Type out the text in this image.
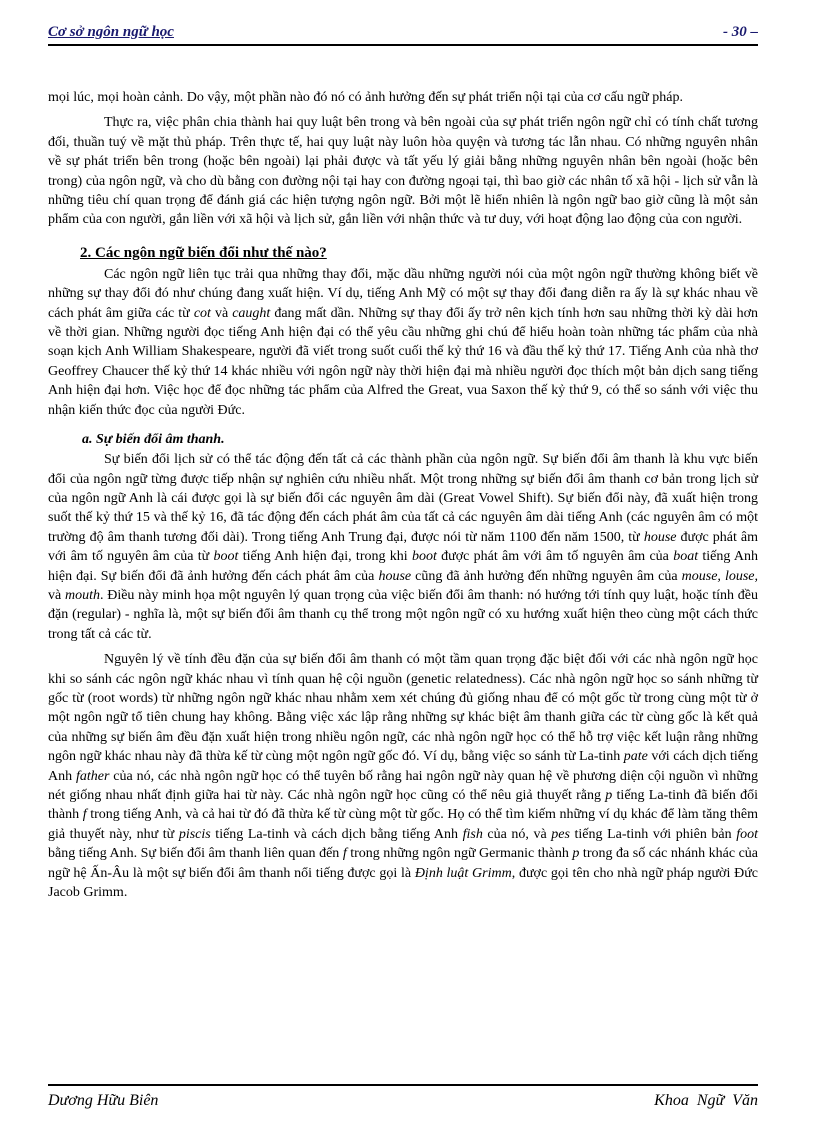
Cơ sở ngôn ngữ học	- 30 –

mọi lúc, mọi hoàn cảnh. Do vậy, một phần nào đó nó có ảnh hưởng đến sự phát triển nội tại của cơ cấu ngữ pháp.

Thực ra, việc phân chia thành hai quy luật bên trong và bên ngoài của sự phát triển ngôn ngữ chỉ có tính chất tương đối, thuần tuý về mặt thủ pháp. Trên thực tế, hai quy luật này luôn hòa quyện và tương tác lẫn nhau. Có những nguyên nhân về sự phát triển bên trong (hoặc bên ngoài) lại phải được và tất yếu lý giải bằng những nguyên nhân bên ngoài (hoặc bên trong) của ngôn ngữ, và cho dù bằng con đường nội tại hay con đường ngoại tại, thì bao giờ các nhân tố xã hội - lịch sử vẫn là những tiêu chí quan trọng để đánh giá các hiện tượng ngôn ngữ. Bởi một lẽ hiển nhiên là ngôn ngữ bao giờ cũng là một sản phẩm của con người, gắn liền với xã hội và lịch sử, gắn liền với nhận thức và tư duy, với hoạt động lao động của con người.

2. Các ngôn ngữ biến đổi như thế nào?

Các ngôn ngữ liên tục trải qua những thay đổi, mặc dầu những người nói của một ngôn ngữ thường không biết về những sự thay đổi đó như chúng đang xuất hiện. Ví dụ, tiếng Anh Mỹ có một sự thay đổi đang diễn ra ấy là sự khác nhau về cách phát âm giữa các từ cot và caught đang mất dần. Những sự thay đổi ấy trở nên kịch tính hơn sau những thời kỳ dài hơn về thời gian. Những người đọc tiếng Anh hiện đại có thể yêu cầu những ghi chú để hiểu hoàn toàn những tác phẩm của nhà soạn kịch Anh William Shakespeare, người đã viết trong suốt cuối thế kỷ thứ 16 và đầu thế kỷ thứ 17. Tiếng Anh của nhà thơ Geoffrey Chaucer thế kỷ thứ 14 khác nhiều với ngôn ngữ này thời hiện đại mà nhiều người đọc thích một bản dịch sang tiếng Anh hiện đại hơn. Việc học để đọc những tác phẩm của Alfred the Great, vua Saxon thế kỷ thứ 9, có thể so sánh với việc thu nhận kiến thức đọc của người Đức.

a. Sự biến đổi âm thanh.

Sự biến đổi lịch sử có thể tác động đến tất cả các thành phần của ngôn ngữ. Sự biến đổi âm thanh là khu vực biến đổi của ngôn ngữ từng được tiếp nhận sự nghiên cứu nhiều nhất. Một trong những sự biến đổi âm thanh cơ bản trong lịch sử của ngôn ngữ Anh là cái được gọi là sự biến đổi các nguyên âm dài (Great Vowel Shift). Sự biến đổi này, đã xuất hiện trong suốt thế kỷ thứ 15 và thế kỷ 16, đã tác động đến cách phát âm của tất cả các nguyên âm dài tiếng Anh (các nguyên âm có một trường độ âm thanh tương đối dài). Trong tiếng Anh Trung đại, được nói từ năm 1100 đến năm 1500, từ house được phát âm với âm tố nguyên âm của từ boot tiếng Anh hiện đại, trong khi boot được phát âm với âm tố nguyên âm của boat tiếng Anh hiện đại. Sự biến đổi đã ảnh hưởng đến cách phát âm của house cũng đã ảnh hưởng đến những nguyên âm của mouse, louse, và mouth. Điều này minh họa một nguyên lý quan trọng của việc biến đổi âm thanh: nó hướng tới tính quy luật, hoặc tính đều đặn (regular) - nghĩa là, một sự biến đổi âm thanh cụ thể trong một ngôn ngữ có xu hướng xuất hiện theo cùng một cách thức trong tất cả các từ.

Nguyên lý về tính đều đặn của sự biến đổi âm thanh có một tầm quan trọng đặc biệt đối với các nhà ngôn ngữ học khi so sánh các ngôn ngữ khác nhau vì tính quan hệ cội nguồn (genetic relatedness). Các nhà ngôn ngữ học so sánh những từ gốc từ (root words) từ những ngôn ngữ khác nhau nhằm xem xét chúng đủ giống nhau để có một gốc từ trong cùng một từ ở một ngôn ngữ tổ tiên chung hay không. Bằng việc xác lập rằng những sự khác biệt âm thanh giữa các từ cùng gốc là kết quả của những sự biến âm đều đặn xuất hiện trong nhiều ngôn ngữ, các nhà ngôn ngữ học có thể hỗ trợ việc kết luận rằng những ngôn ngữ khác nhau này đã thừa kế từ cùng một ngôn ngữ gốc đó. Ví dụ, bằng việc so sánh từ La-tinh pate với cách dịch tiếng Anh father của nó, các nhà ngôn ngữ học có thể tuyên bố rằng hai ngôn ngữ này quan hệ về phương diện cội nguồn vì những nét giống nhau nhất định giữa hai từ này. Các nhà ngôn ngữ học cũng có thể nêu giả thuyết rằng p tiếng La-tinh đã biến đổi thành f trong tiếng Anh, và cả hai từ đó đã thừa kế từ cùng một từ gốc. Họ có thể tìm kiếm những ví dụ khác để làm tăng thêm giả thuyết này, như từ piscis tiếng La-tinh và cách dịch bằng tiếng Anh fish của nó, và pes tiếng La-tinh với phiên bản foot bằng tiếng Anh. Sự biến đổi âm thanh liên quan đến f trong những ngôn ngữ Germanic thành p trong đa số các nhánh khác của ngữ hệ Ấn-Âu là một sự biến đổi âm thanh nổi tiếng được gọi là Định luật Grimm, được gọi tên cho nhà ngữ pháp người Đức Jacob Grimm.

Dương Hữu Biên	Khoa Ngữ Văn
